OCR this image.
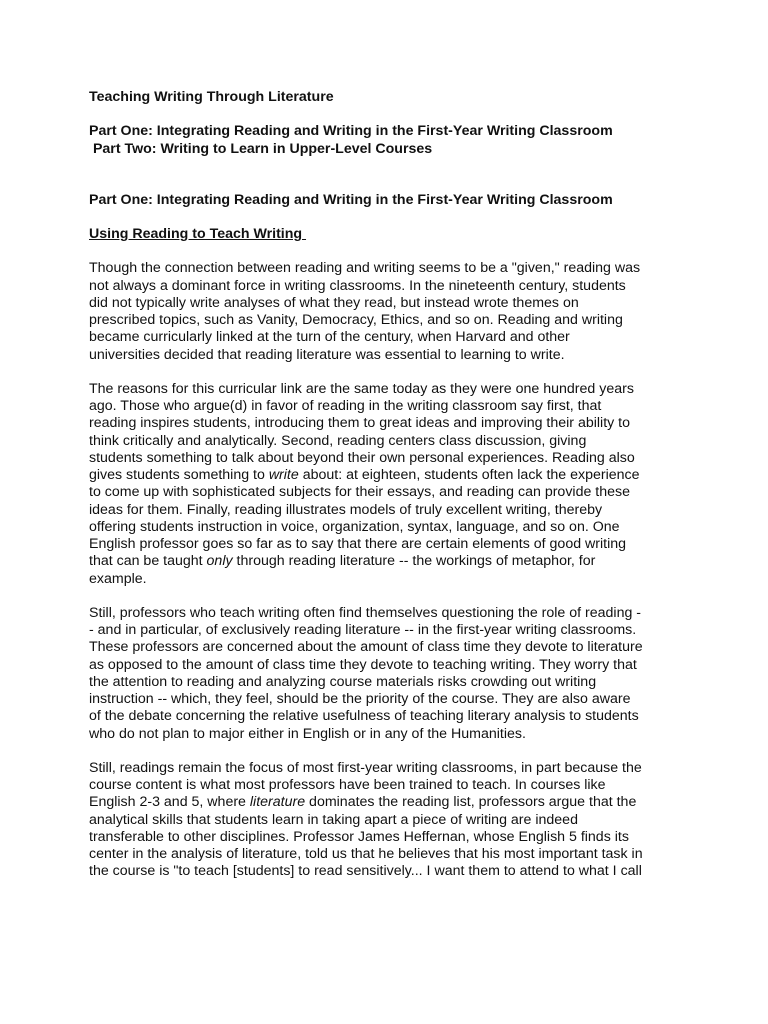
Teaching Writing Through Literature
Part One: Integrating Reading and Writing in the First-Year Writing Classroom
Part Two: Writing to Learn in Upper-Level Courses
Part One: Integrating Reading and Writing in the First-Year Writing Classroom
Using Reading to Teach Writing
Though the connection between reading and writing seems to be a "given," reading was
not always a dominant force in writing classrooms. In the nineteenth century, students
did not typically write analyses of what they read, but instead wrote themes on
prescribed topics, such as Vanity, Democracy, Ethics, and so on. Reading and writing
became curricularly linked at the turn of the century, when Harvard and other
universities decided that reading literature was essential to learning to write.
The reasons for this curricular link are the same today as they were one hundred years
ago. Those who argue(d) in favor of reading in the writing classroom say first, that
reading inspires students, introducing them to great ideas and improving their ability to
think critically and analytically. Second, reading centers class discussion, giving
students something to talk about beyond their own personal experiences. Reading also
gives students something to write about: at eighteen, students often lack the experience
to come up with sophisticated subjects for their essays, and reading can provide these
ideas for them. Finally, reading illustrates models of truly excellent writing, thereby
offering students instruction in voice, organization, syntax, language, and so on. One
English professor goes so far as to say that there are certain elements of good writing
that can be taught only through reading literature -- the workings of metaphor, for
example.
Still, professors who teach writing often find themselves questioning the role of reading -
- and in particular, of exclusively reading literature -- in the first-year writing classrooms.
These professors are concerned about the amount of class time they devote to literature
as opposed to the amount of class time they devote to teaching writing. They worry that
the attention to reading and analyzing course materials risks crowding out writing
instruction -- which, they feel, should be the priority of the course. They are also aware
of the debate concerning the relative usefulness of teaching literary analysis to students
who do not plan to major either in English or in any of the Humanities.
Still, readings remain the focus of most first-year writing classrooms, in part because the
course content is what most professors have been trained to teach. In courses like
English 2-3 and 5, where literature dominates the reading list, professors argue that the
analytical skills that students learn in taking apart a piece of writing are indeed
transferable to other disciplines. Professor James Heffernan, whose English 5 finds its
center in the analysis of literature, told us that he believes that his most important task in
the course is "to teach [students] to read sensitively... I want them to attend to what I call
